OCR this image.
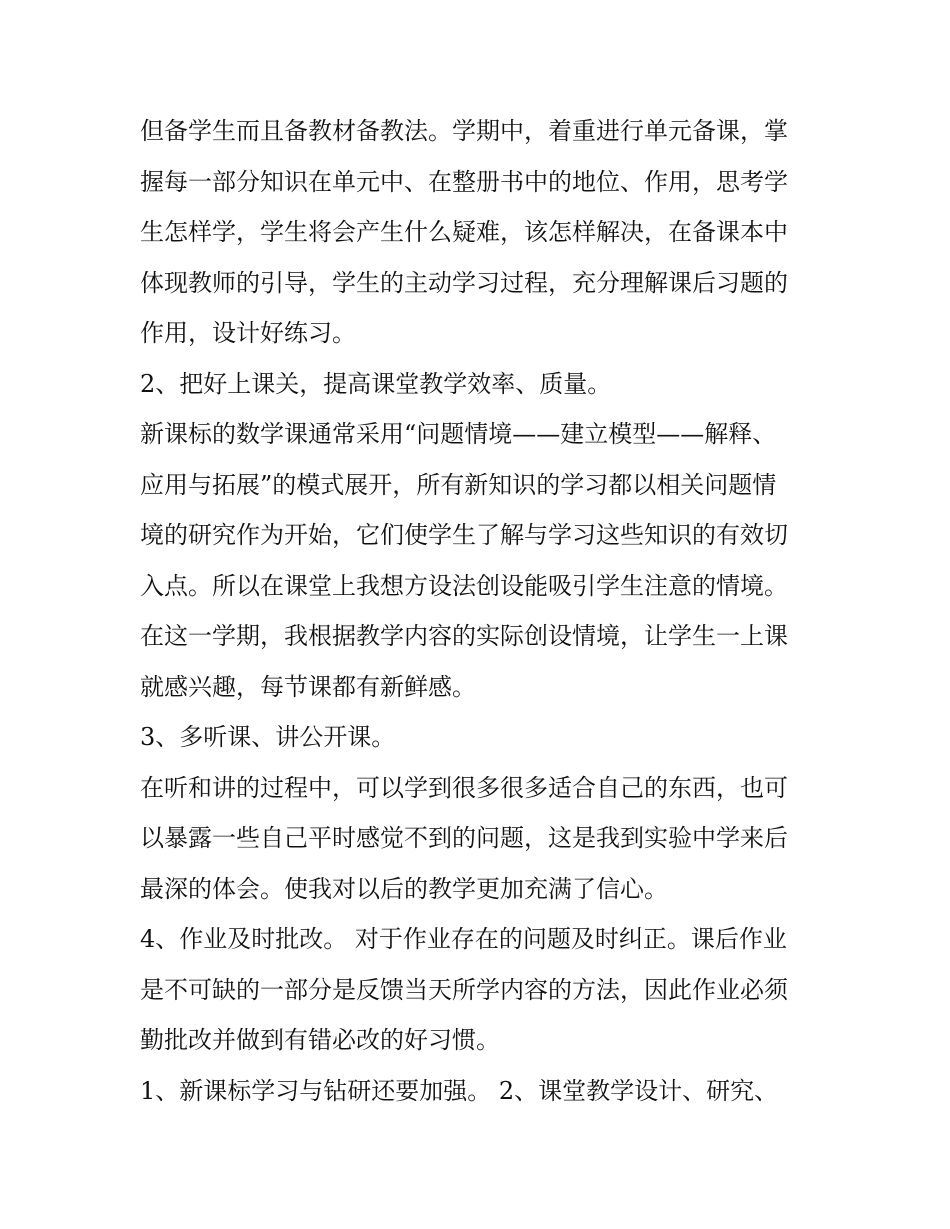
但备学生而且备教材备教法。学期中，着重进行单元备课，掌
握每一部分知识在单元中、在整册书中的地位、作用，思考学
生怎样学，学生将会产生什么疑难，该怎样解决，在备课本中
体现教师的引导，学生的主动学习过程，充分理解课后习题的
作用，设计好练习。
2、把好上课关，提高课堂教学效率、质量。
新课标的数学课通常采用“问题情境——建立模型——解释、
应用与拓展”的模式展开，所有新知识的学习都以相关问题情
境的研究作为开始，它们使学生了解与学习这些知识的有效切
入点。所以在课堂上我想方设法创设能吸引学生注意的情境。
在这一学期，我根据教学内容的实际创设情境，让学生一上课
就感兴趣，每节课都有新鲜感。
3、多听课、讲公开课。
在听和讲的过程中，可以学到很多很多适合自己的东西，也可
以暴露一些自己平时感觉不到的问题，这是我到实验中学来后
最深的体会。使我对以后的教学更加充满了信心。
4、作业及时批改。 对于作业存在的问题及时纠正。课后作业
是不可缺的一部分是反馈当天所学内容的方法，因此作业必须
勤批改并做到有错必改的好习惯。
1、新课标学习与钻研还要加强。 2、课堂教学设计、研究、
